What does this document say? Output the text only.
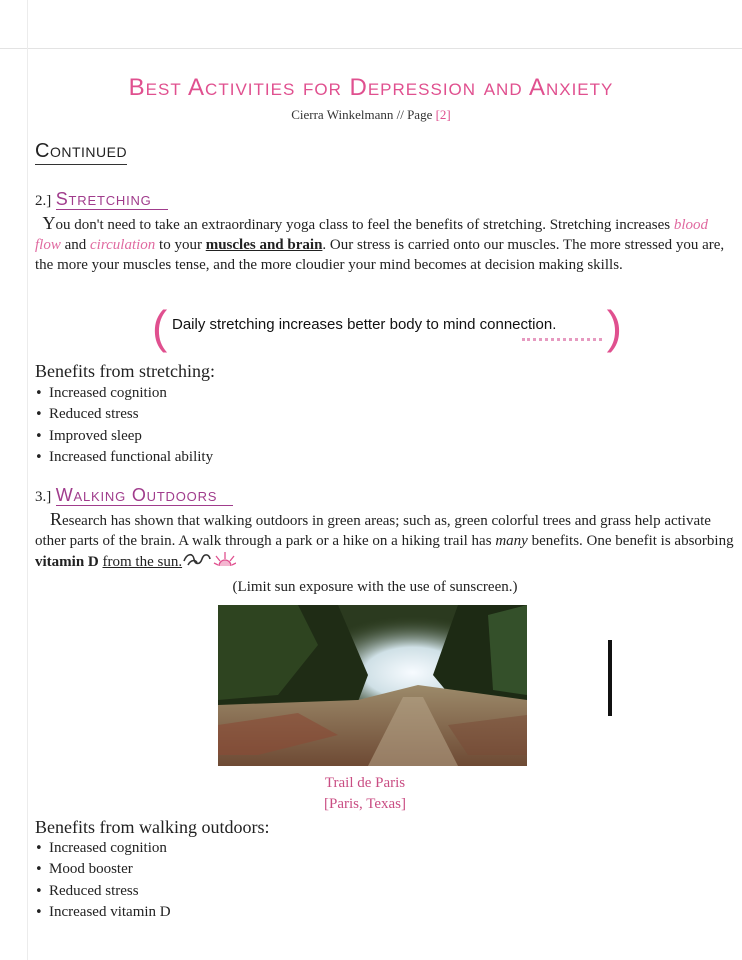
Best Activities for Depression and Anxiety
Cierra Winkelmann // Page [2]
Continued
2.] Stretching
You don't need to take an extraordinary yoga class to feel the benefits of stretching. Stretching increases blood flow and circulation to your muscles and brain. Our stress is carried onto our muscles. The more stressed you are, the more your muscles tense, and the more cloudier your mind becomes at decision making skills.
( Daily stretching increases better body to mind connection. )
Benefits from stretching:
• Increased cognition
• Reduced stress
• Improved sleep
• Increased functional ability
3.] Walking Outdoors
Research has shown that walking outdoors in green areas; such as, green colorful trees and grass help activate other parts of the brain. A walk through a park or a hike on a hiking trail has many benefits. One benefit is absorbing vitamin D from the sun.
(Limit sun exposure with the use of sunscreen.)
Trail de Paris
[Paris, Texas]
Benefits from walking outdoors:
• Increased cognition
• Mood booster
• Reduced stress
• Increased vitamin D
